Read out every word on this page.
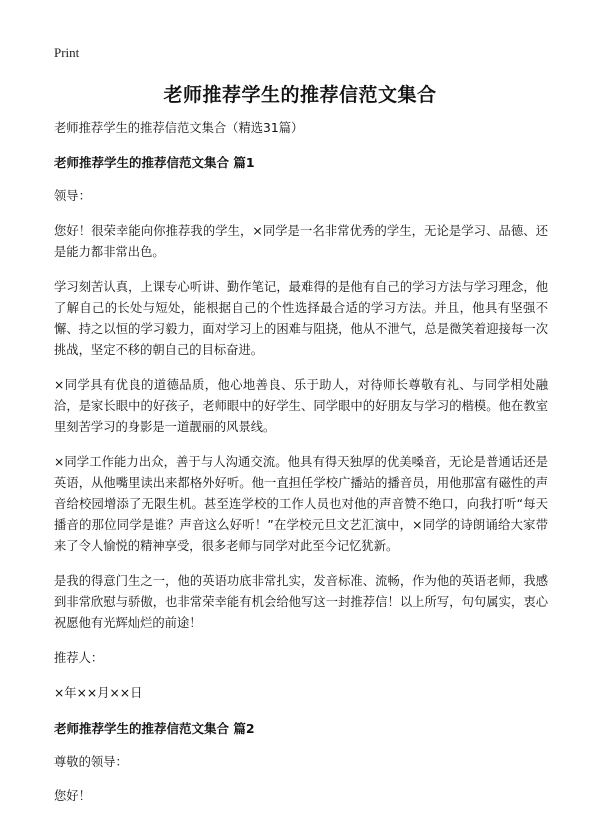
Print
老师推荐学生的推荐信范文集合

老师推荐学生的推荐信范文集合（精选31篇）

老师推荐学生的推荐信范文集合 篇1

领导：

您好！很荣幸能向你推荐我的学生，×同学是一名非常优秀的学生，无论是学习、品德、还是能力都非常出色。

学习刻苦认真，上课专心听讲、勤作笔记，最难得的是他有自己的学习方法与学习理念，他了解自己的长处与短处，能根据自己的个性选择最合适的学习方法。并且，他具有坚强不懈、持之以恒的学习毅力，面对学习上的困难与阻挠，他从不泄气，总是微笑着迎接每一次挑战，坚定不移的朝自己的目标奋进。

×同学具有优良的道德品质，他心地善良、乐于助人，对待师长尊敬有礼、与同学相处融洽，是家长眼中的好孩子，老师眼中的好学生、同学眼中的好朋友与学习的楷模。他在教室里刻苦学习的身影是一道靓丽的风景线。

×同学工作能力出众，善于与人沟通交流。他具有得天独厚的优美嗓音，无论是普通话还是英语，从他嘴里读出来都格外好听。他一直担任学校广播站的播音员，用他那富有磁性的声音给校园增添了无限生机。甚至连学校的工作人员也对他的声音赞不绝口，向我打听“每天播音的那位同学是谁？声音这么好听！”在学校元旦文艺汇演中，×同学的诗朗诵给大家带来了令人愉悦的精神享受，很多老师与同学对此至今记忆犹新。

是我的得意门生之一，他的英语功底非常扎实，发音标准、流畅，作为他的英语老师，我感到非常欣慰与骄傲，也非常荣幸能有机会给他写这一封推荐信！以上所写，句句属实，衷心祝愿他有光辉灿烂的前途！

推荐人：

×年××月××日

老师推荐学生的推荐信范文集合 篇2

尊敬的领导：

您好！
